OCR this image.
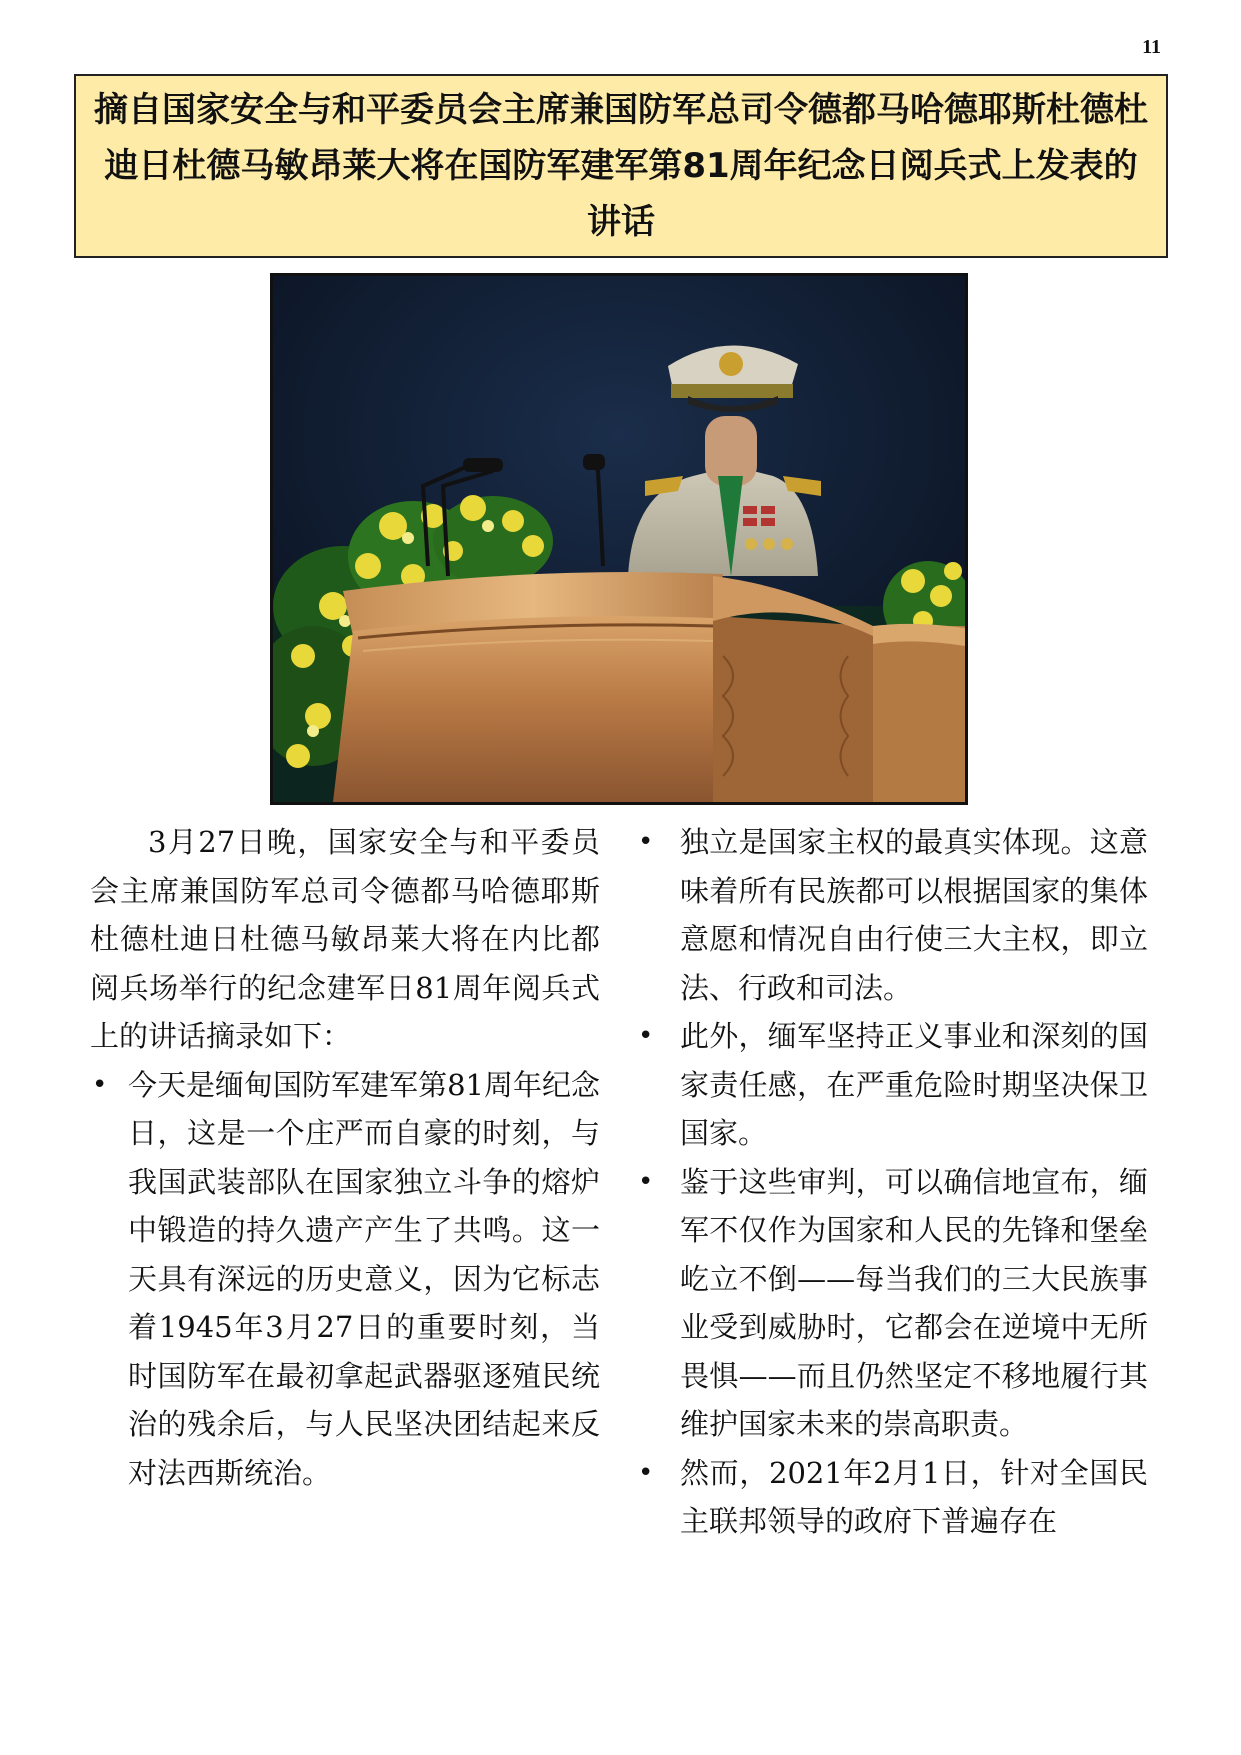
11
摘自国家安全与和平委员会主席兼国防军总司令德都马哈德耶斯杜德杜迪日杜德马敏昂莱大将在国防军建军第81周年纪念日阅兵式上发表的讲话

3月27日晚，国家安全与和平委员会主席兼国防军总司令德都马哈德耶斯杜德杜迪日杜德马敏昂莱大将在内比都阅兵场举行的纪念建军日81周年阅兵式上的讲话摘录如下：

• 今天是缅甸国防军建军第81周年纪念日，这是一个庄严而自豪的时刻，与我国武装部队在国家独立斗争的熔炉中锻造的持久遗产产生了共鸣。这一天具有深远的历史意义，因为它标志着1945年3月27日的重要时刻，当时国防军在最初拿起武器驱逐殖民统治的残余后，与人民坚决团结起来反对法西斯统治。
• 独立是国家主权的最真实体现。这意味着所有民族都可以根据国家的集体意愿和情况自由行使三大主权，即立法、行政和司法。
• 此外，缅军坚持正义事业和深刻的国家责任感，在严重危险时期坚决保卫国家。
• 鉴于这些审判，可以确信地宣布，缅军不仅作为国家和人民的先锋和堡垒屹立不倒——每当我们的三大民族事业受到威胁时，它都会在逆境中无所畏惧——而且仍然坚定不移地履行其维护国家未来的崇高职责。
• 然而，2021年2月1日，针对全国民主联邦领导的政府下普遍存在
